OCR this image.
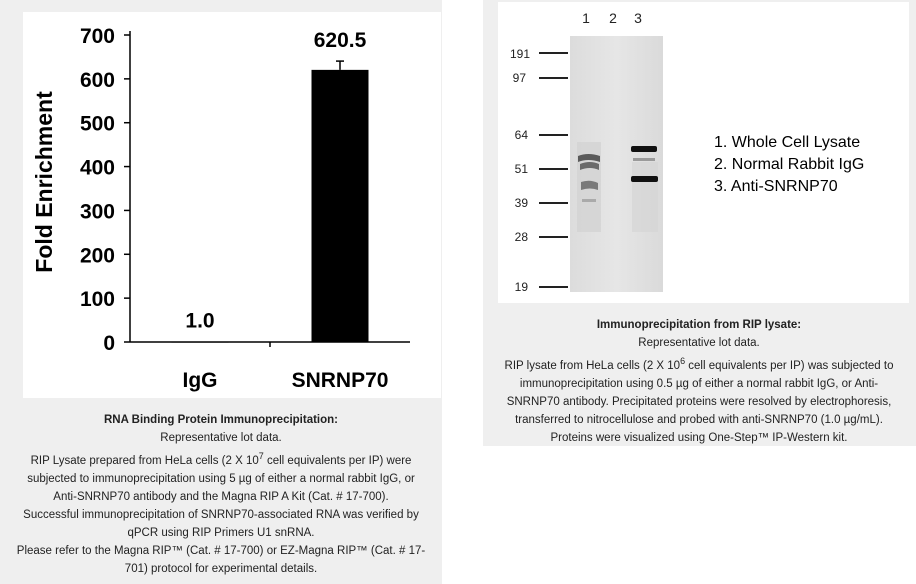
Fold Enrichment
0
100
200
300
400
500
600
700
1.0
IgG
620.5
SNRNP70
1 2 3
191
97
64
51
39
28
19
1. Whole Cell Lysate
2. Normal Rabbit IgG
3. Anti-SNRNP70
RNA Binding Protein Immunoprecipitation:
Representative lot data.
RIP Lysate prepared from HeLa cells (2 X $10^7$ cell equivalents per IP) were
subjected to immunoprecipitation using 5 µg of either a normal rabbit IgG, or
Anti-SNRNP70 antibody and the Magna RIP A Kit (Cat. # 17-700).
Successful immunoprecipitation of SNRNP70-associated RNA was verified by
qPCR using RIP Primers U1 snRNA.
Please refer to the Magna RIP™ (Cat. # 17-700) or EZ-Magna RIP™ (Cat. # 17-
701) protocol for experimental details.
Immunoprecipitation from RIP lysate:
Representative lot data.
RIP lysate from HeLa cells (2 X $10^6$ cell equivalents per IP) was subjected to
immunoprecipitation using 0.5 µg of either a normal rabbit IgG, or Anti-
SNRNP70 antibody. Precipitated proteins were resolved by electrophoresis,
transferred to nitrocellulose and probed with anti-SNRNP70 (1.0 µg/mL).
Proteins were visualized using One-Step™ IP-Western kit.
